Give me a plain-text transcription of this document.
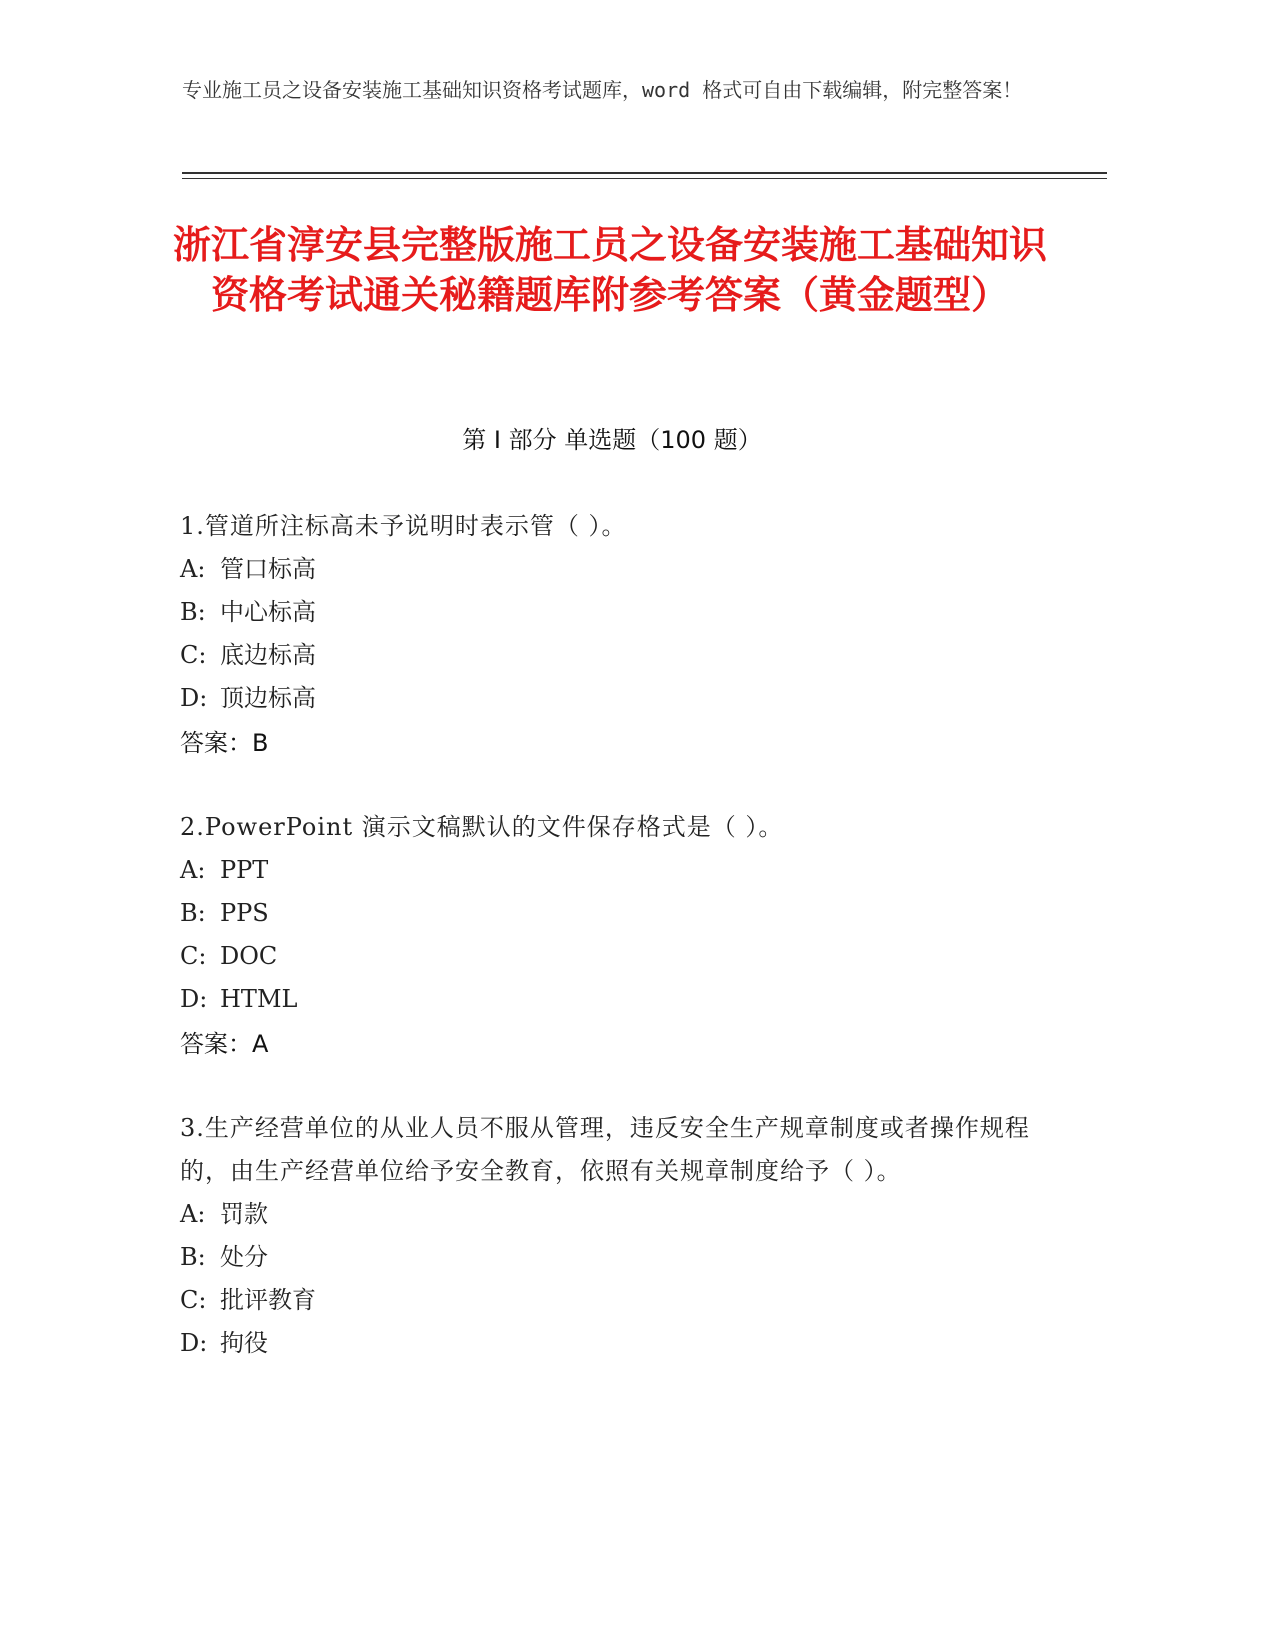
专业施工员之设备安装施工基础知识资格考试题库，word 格式可自由下载编辑，附完整答案！
浙江省淳安县完整版施工员之设备安装施工基础知识资格考试通关秘籍题库附参考答案（黄金题型）
第 I 部分 单选题（100 题）
1.管道所注标高未予说明时表示管（ ）。
A: 管口标高
B: 中心标高
C: 底边标高
D: 顶边标高
答案：B
2.PowerPoint 演示文稿默认的文件保存格式是（ ）。
A: PPT
B: PPS
C: DOC
D: HTML
答案：A
3.生产经营单位的从业人员不服从管理，违反安全生产规章制度或者操作规程的，由生产经营单位给予安全教育，依照有关规章制度给予（ ）。
A: 罚款
B: 处分
C: 批评教育
D: 拘役
